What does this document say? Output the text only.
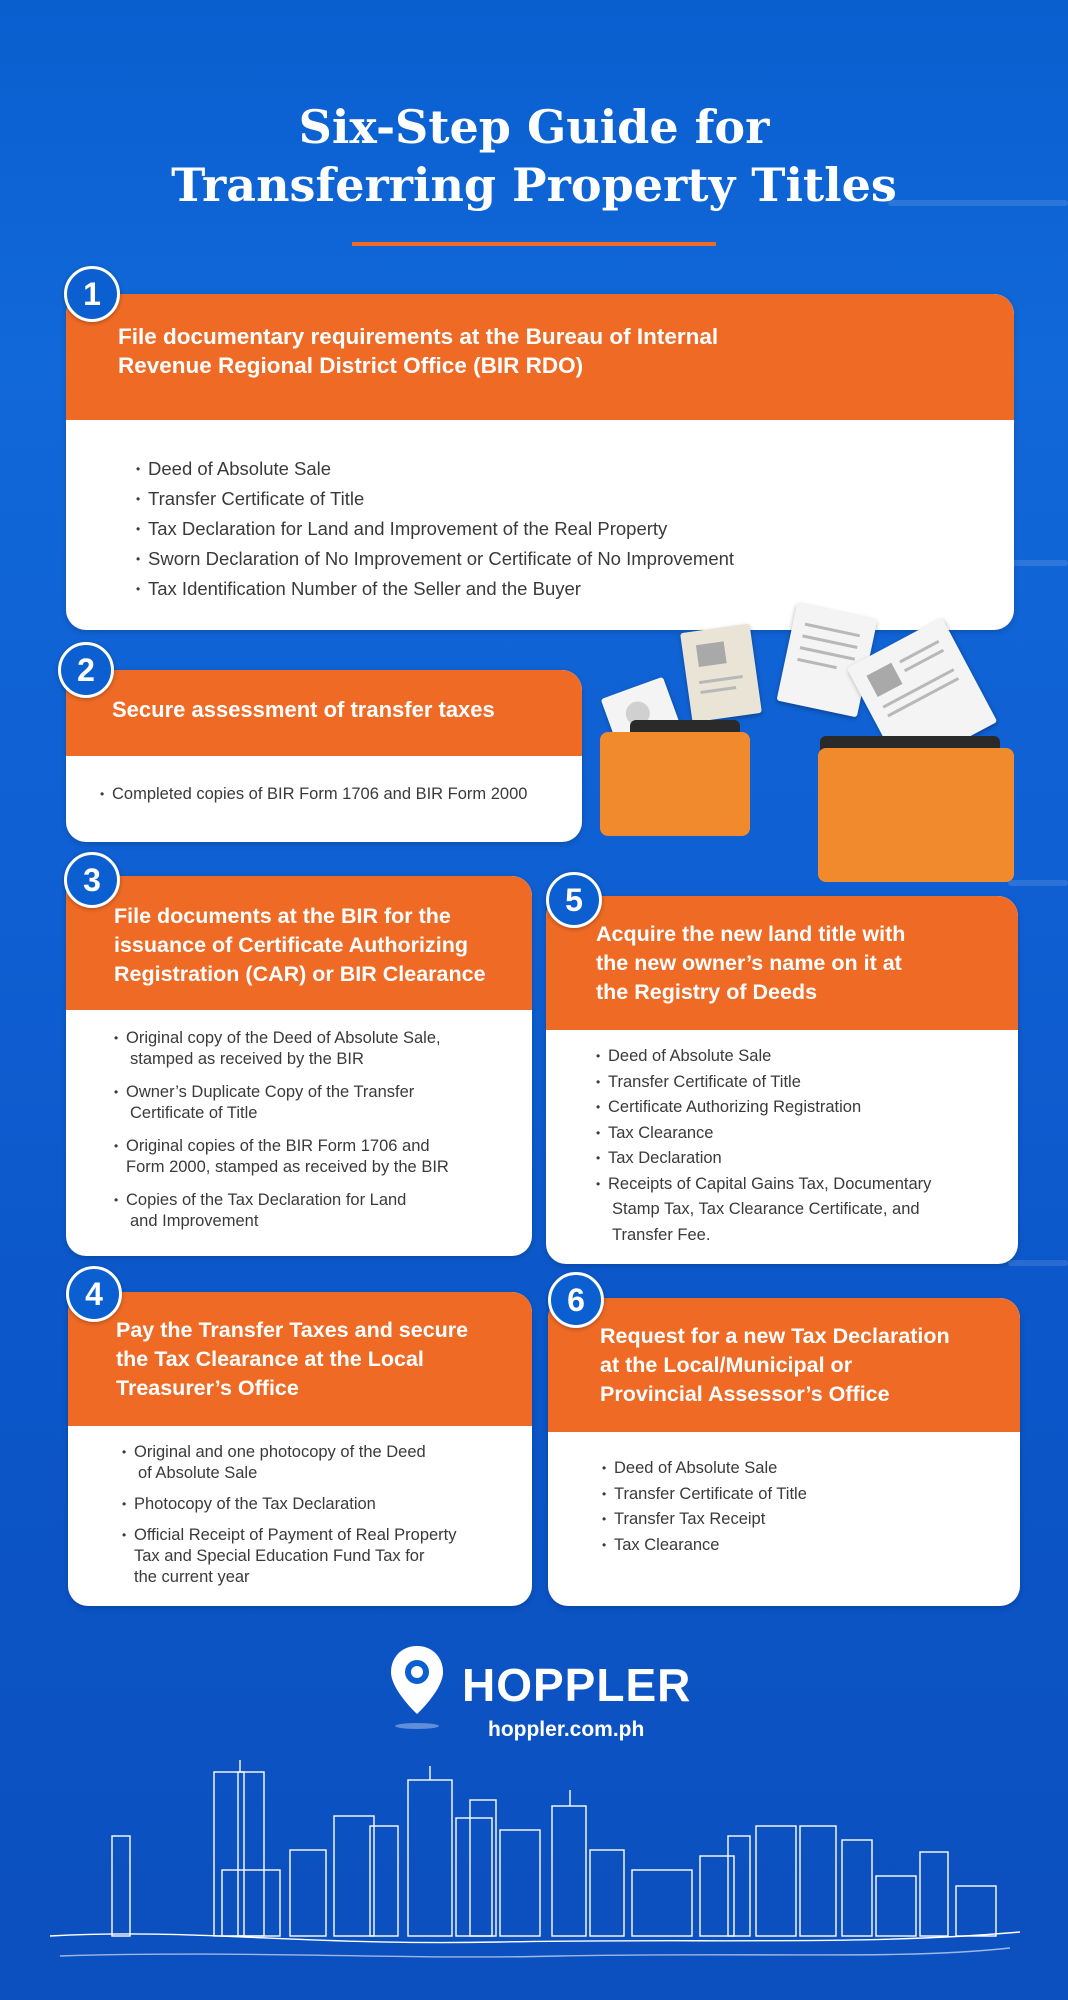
Six-Step Guide for
Transferring Property Titles
1
File documentary requirements at the Bureau of Internal
Revenue Regional District Office (BIR RDO)
• Deed of Absolute Sale
• Transfer Certificate of Title
• Tax Declaration for Land and Improvement of the Real Property
• Sworn Declaration of No Improvement or Certificate of No Improvement
• Tax Identification Number of the Seller and the Buyer
2
Secure assessment of transfer taxes
• Completed copies of BIR Form 1706 and BIR Form 2000
3
File documents at the BIR for the
issuance of Certificate Authorizing
Registration (CAR) or BIR Clearance
• Original copy of the Deed of Absolute Sale,
stamped as received by the BIR
• Owner’s Duplicate Copy of the Transfer
Certificate of Title
• Original copies of the BIR Form 1706 and
Form 2000, stamped as received by the BIR
• Copies of the Tax Declaration for Land
and Improvement
5
Acquire the new land title with
the new owner’s name on it at
the Registry of Deeds
• Deed of Absolute Sale
• Transfer Certificate of Title
• Certificate Authorizing Registration
• Tax Clearance
• Tax Declaration
• Receipts of Capital Gains Tax, Documentary
Stamp Tax, Tax Clearance Certificate, and
Transfer Fee.
4
Pay the Transfer Taxes and secure
the Tax Clearance at the Local
Treasurer’s Office
• Original and one photocopy of the Deed
of Absolute Sale
• Photocopy of the Tax Declaration
• Official Receipt of Payment of Real Property
Tax and Special Education Fund Tax for
the current year
6
Request for a new Tax Declaration
at the Local/Municipal or
Provincial Assessor’s Office
• Deed of Absolute Sale
• Transfer Certificate of Title
• Transfer Tax Receipt
• Tax Clearance
HOPPLER
hoppler.com.ph
